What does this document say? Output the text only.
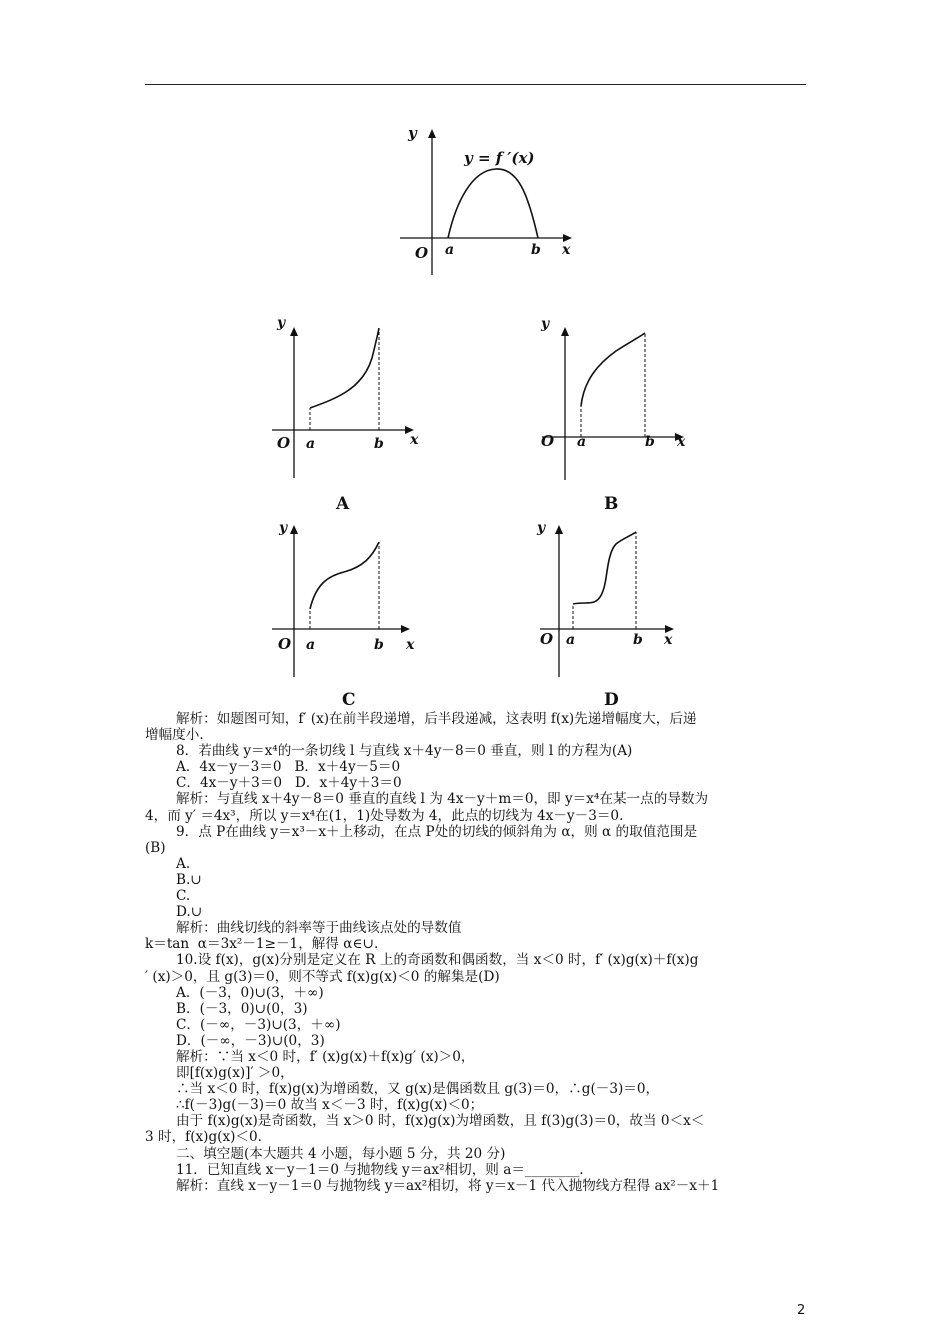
y
y = f ′(x)
O a	b x
y
O a	b x
A
y
O a	b x
B
y
O a	b x
C
y
O a	b x
D
解析：如题图可知，f′ (x)在前半段递增，后半段递减，这表明 f(x)先递增幅度大，后递
增幅度小.
8．若曲线 y＝x⁴的一条切线 l 与直线 x＋4y－8＝0 垂直，则 l 的方程为(A)
A．4x－y－3＝0   B．x＋4y－5＝0
C．4x－y＋3＝0   D．x＋4y＋3＝0
解析：与直线 x＋4y－8＝0 垂直的直线 l 为 4x－y＋m＝0，即 y＝x⁴在某一点的导数为
4，而 y′ ＝4x³，所以 y＝x⁴在(1，1)处导数为 4，此点的切线为 4x－y－3＝0.
9．点 P在曲线 y＝x³－x＋上移动，在点 P处的切线的倾斜角为 α，则 α 的取值范围是
(B)
A.
B.∪
C.
D.∪
解析：曲线切线的斜率等于曲线该点处的导数值
k＝tan  α＝3x²－1≥－1，解得 α∈∪.
10.设 f(x)，g(x)分别是定义在 R 上的奇函数和偶函数，当 x＜0 时，f′ (x)g(x)＋f(x)g
′ (x)＞0，且 g(3)＝0，则不等式 f(x)g(x)＜0 的解集是(D)
A．(－3，0)∪(3，＋∞)
B．(－3，0)∪(0，3)
C．(－∞，－3)∪(3，＋∞)
D．(－∞，－3)∪(0，3)
解析：∵当 x＜0 时，f′ (x)g(x)＋f(x)g′ (x)＞0，
即[f(x)g(x)]′ ＞0，
∴当 x＜0 时，f(x)g(x)为增函数，又 g(x)是偶函数且 g(3)＝0，∴g(－3)＝0，
∴f(－3)g(－3)＝0 故当 x＜－3 时，f(x)g(x)＜0；
由于 f(x)g(x)是奇函数，当 x＞0 时，f(x)g(x)为增函数，且 f(3)g(3)＝0，故当 0＜x＜
3 时，f(x)g(x)＜0.
二、填空题(本大题共 4 小题，每小题 5 分，共 20 分)
11．已知直线 x－y－1＝0 与抛物线 y＝ax²相切，则 a＝________.
解析：直线 x－y－1＝0 与抛物线 y＝ax²相切，将 y＝x－1 代入抛物线方程得 ax²－x＋1
2
